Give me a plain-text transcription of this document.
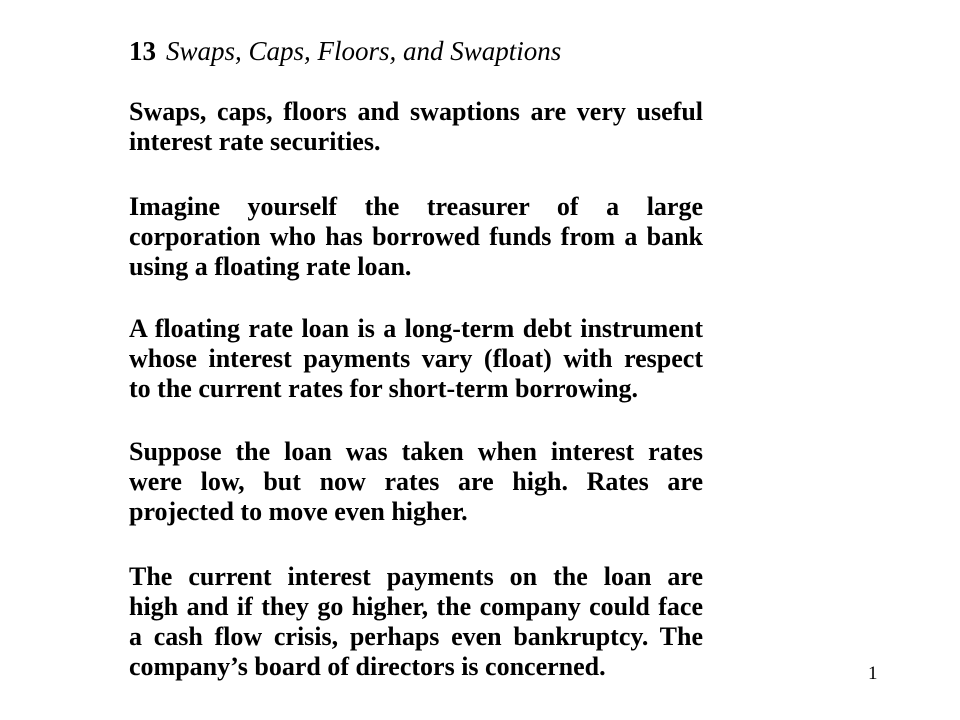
13 Swaps, Caps, Floors, and Swaptions

Swaps, caps, floors and swaptions are very useful
interest rate securities.

Imagine yourself the treasurer of a large
corporation who has borrowed funds from a bank
using a floating rate loan.

A floating rate loan is a long-term debt instrument
whose interest payments vary (float) with respect
to the current rates for short-term borrowing.

Suppose the loan was taken when interest rates
were low, but now rates are high. Rates are
projected to move even higher.

The current interest payments on the loan are
high and if they go higher, the company could face
a cash flow crisis, perhaps even bankruptcy. The
company’s board of directors is concerned.	1
